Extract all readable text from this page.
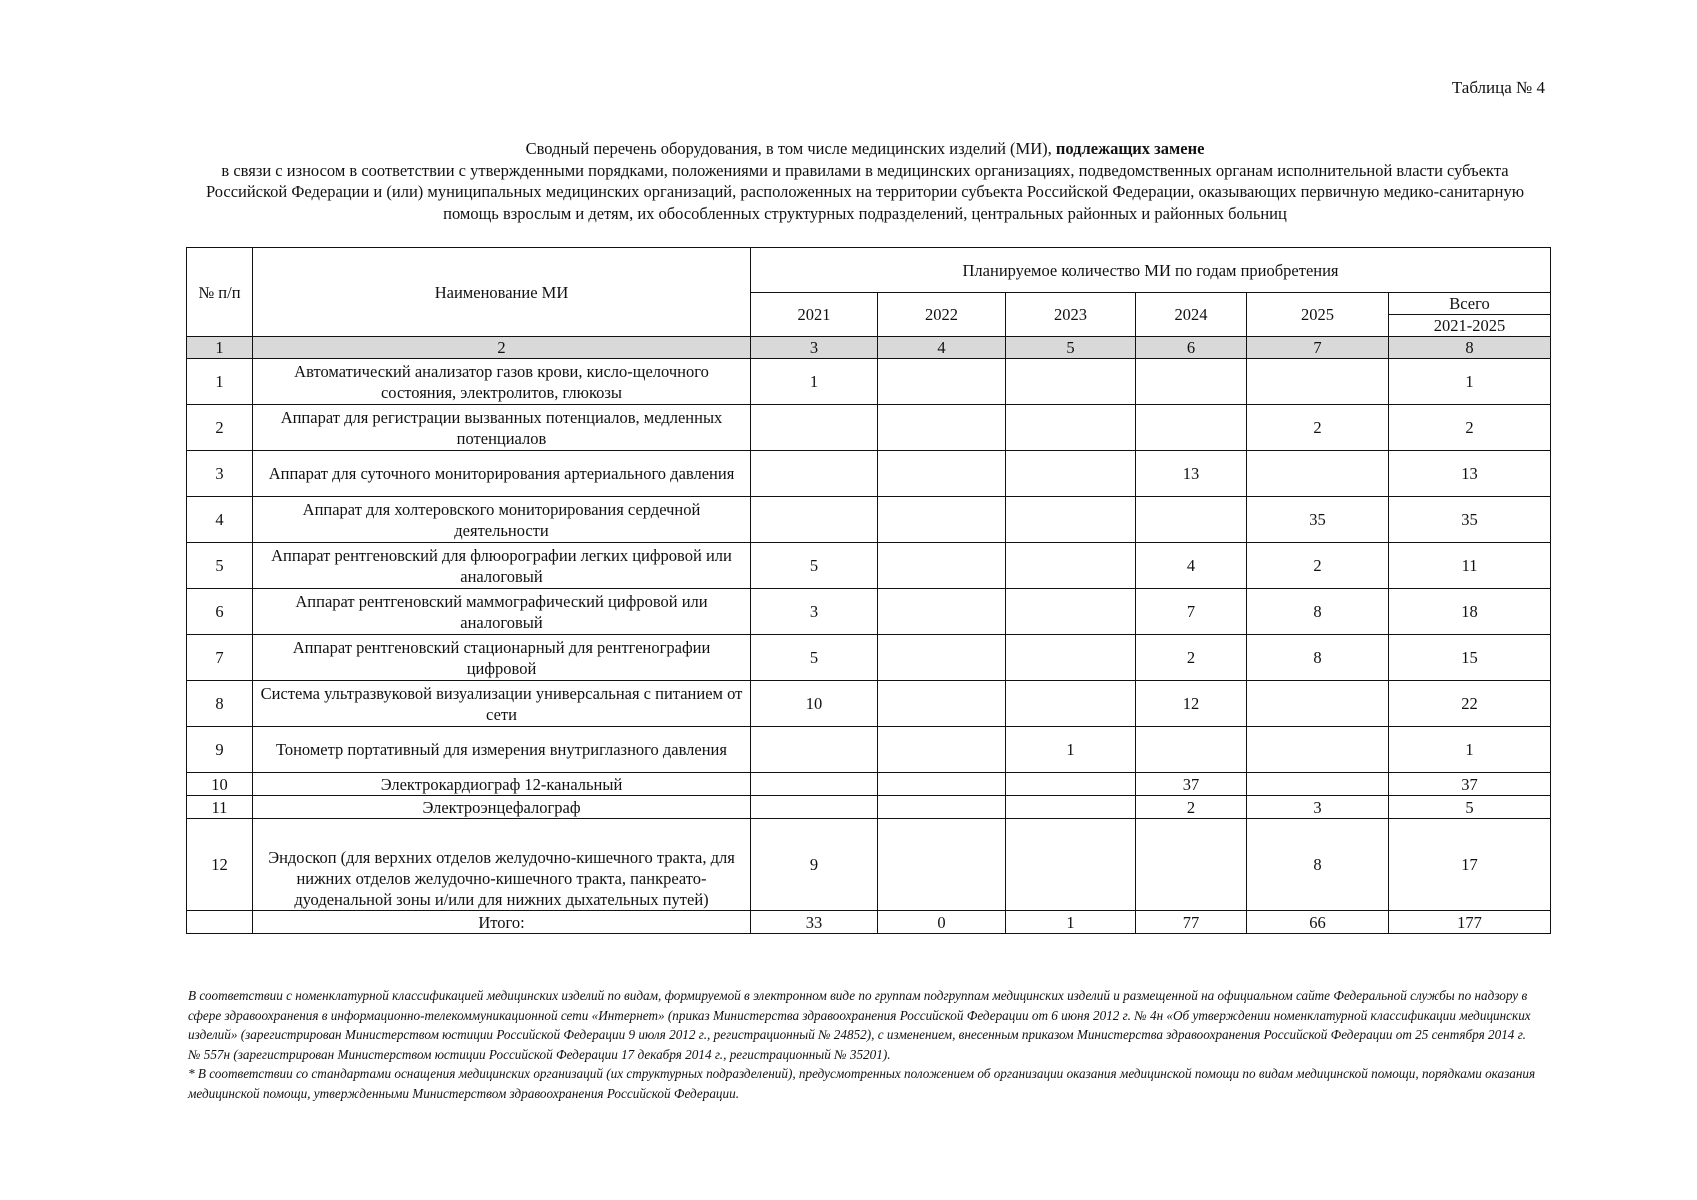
Таблица № 4
Сводный перечень оборудования, в том числе медицинских изделий (МИ), подлежащих замене
в связи с износом в соответствии с утвержденными порядками, положениями и правилами в медицинских организациях, подведомственных органам исполнительной власти субъекта Российской Федерации и (или) муниципальных медицинских организаций, расположенных на территории субъекта Российской Федерации, оказывающих первичную медико-санитарную помощь взрослым и детям, их обособленных структурных подразделений, центральных районных и районных больниц
№ п/п	Наименование МИ	Планируемое количество МИ по годам приобретения					
		2021	2022	2023	2024	2025	Всего
							2021-2025
1	2	3	4	5	6	7	8
1	Автоматический анализатор газов крови, кисло-щелочного состояния, электролитов, глюкозы	1					1
2	Аппарат для регистрации вызванных потенциалов, медленных потенциалов					2	2
3	Аппарат для суточного мониторирования артериального давления				13		13
4	Аппарат для холтеровского мониторирования сердечной деятельности					35	35
5	Аппарат рентгеновский для флюорографии легких цифровой или аналоговый	5			4	2	11
6	Аппарат рентгеновский маммографический цифровой или аналоговый	3			7	8	18
7	Аппарат рентгеновский стационарный для рентгенографии цифровой	5			2	8	15
8	Система ультразвуковой визуализации универсальная с питанием от сети	10			12		22
9	Тонометр портативный для измерения внутриглазного давления			1			1
10	Электрокардиограф 12-канальный				37		37
11	Электроэнцефалограф				2	3	5
12	Эндоскоп (для верхних отделов желудочно-кишечного тракта, для нижних отделов желудочно-кишечного тракта, панкреато-дуоденальной зоны и/или для нижних дыхательных путей)	9				8	17
	Итого:	33	0	1	77	66	177

В соответствии с номенклатурной классификацией медицинских изделий по видам, формируемой в электронном виде по группам подгруппам медицинских изделий и размещенной на официальном сайте Федеральной службы по надзору в сфере здравоохранения в информационно-телекоммуникационной сети «Интернет» (приказ Министерства здравоохранения Российской Федерации от 6 июня 2012 г. № 4н «Об утверждении номенклатурной классификации медицинских изделий» (зарегистрирован Министерством юстиции Российской Федерации 9 июля 2012 г., регистрационный № 24852), с изменением, внесенным приказом Министерства здравоохранения Российской Федерации от 25 сентября 2014 г. № 557н (зарегистрирован Министерством юстиции Российской Федерации 17 декабря 2014 г., регистрационный № 35201).

* В соответствии со стандартами оснащения медицинских организаций (их структурных подразделений), предусмотренных положением об организации оказания медицинской помощи по видам медицинской помощи, порядками оказания медицинской помощи, утвержденными Министерством здравоохранения Российской Федерации.
